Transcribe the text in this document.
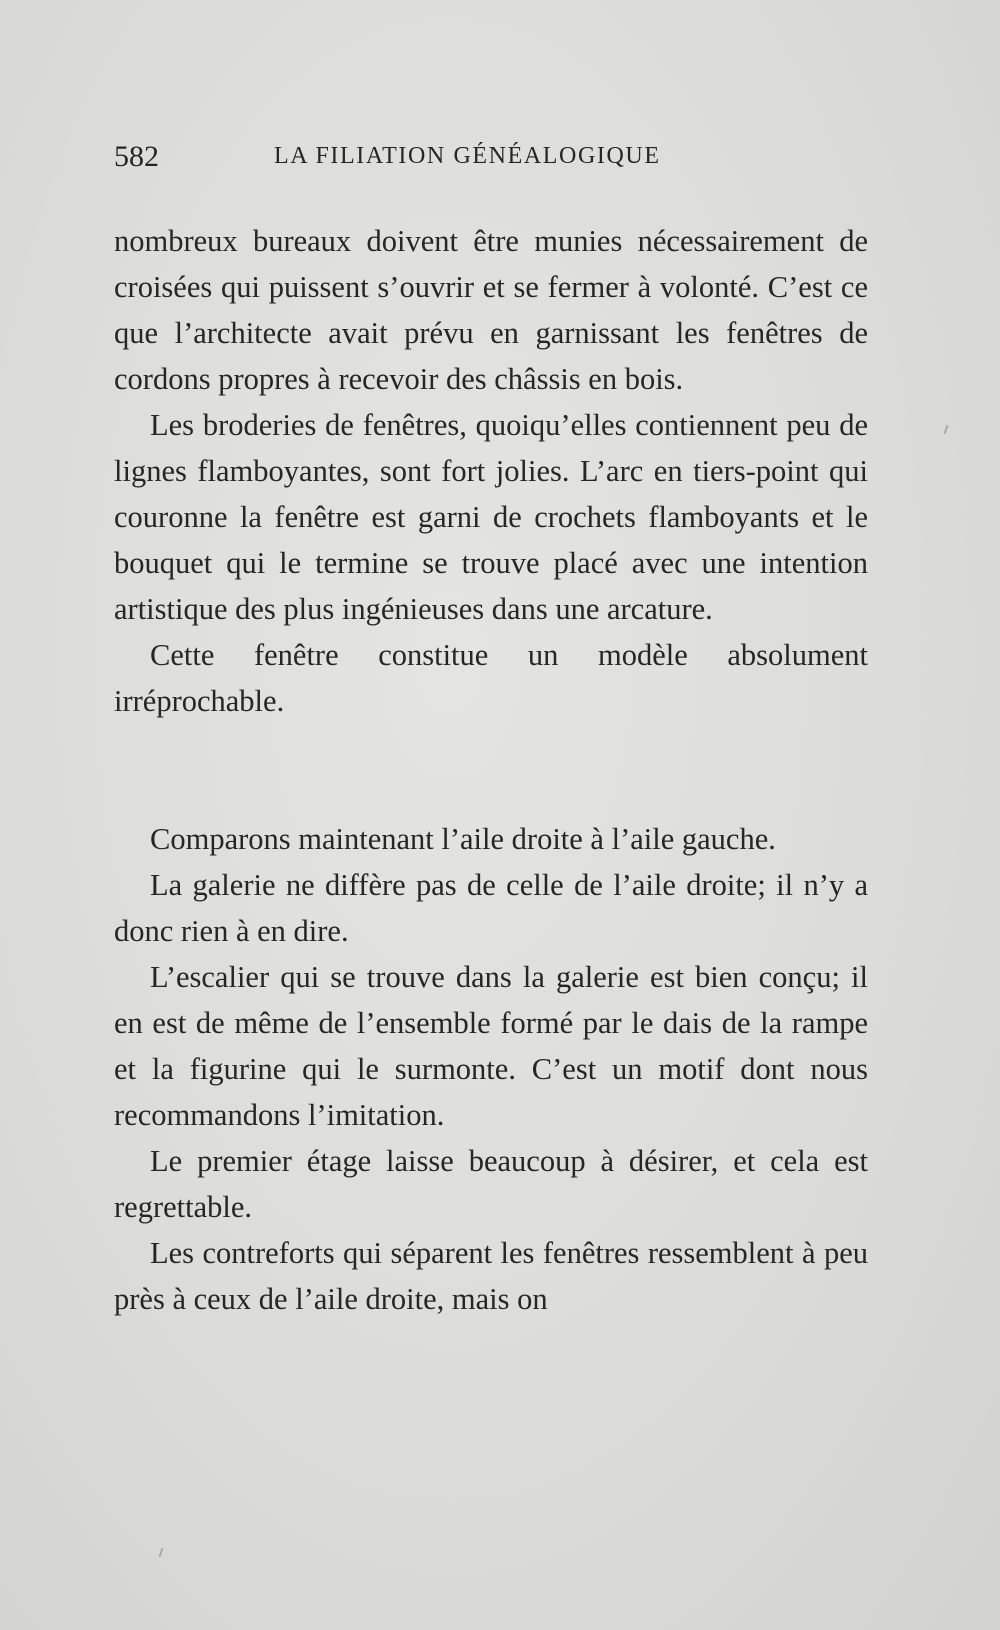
582	LA FILIATION GÉNÉALOGIQUE

nombreux bureaux doivent être munies nécessairement de croisées qui puissent s’ouvrir et se fermer à volonté. C’est ce que l’architecte avait prévu en garnissant les fenêtres de cordons propres à recevoir des châssis en bois.

Les broderies de fenêtres, quoiqu’elles contiennent peu de lignes flamboyantes, sont fort jolies. L’arc en tiers-point qui couronne la fenêtre est garni de crochets flamboyants et le bouquet qui le termine se trouve placé avec une intention artistique des plus ingénieuses dans une arcature.

Cette fenêtre constitue un modèle absolument irréprochable.

Comparons maintenant l’aile droite à l’aile gauche.

La galerie ne diffère pas de celle de l’aile droite; il n’y a donc rien à en dire.

L’escalier qui se trouve dans la galerie est bien conçu; il en est de même de l’ensemble formé par le dais de la rampe et la figurine qui le surmonte. C’est un motif dont nous recommandons l’imitation.

Le premier étage laisse beaucoup à désirer, et cela est regrettable.

Les contreforts qui séparent les fenêtres ressemblent à peu près à ceux de l’aile droite, mais on
